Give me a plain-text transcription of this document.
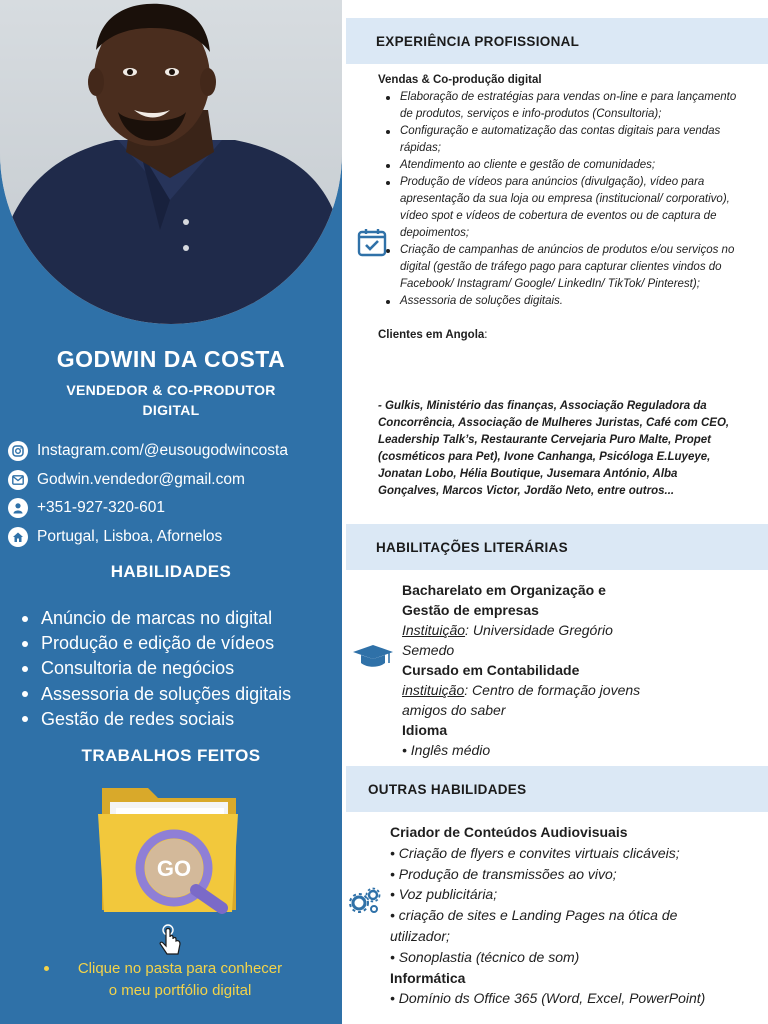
GODWIN DA COSTA
VENDEDOR & CO-PRODUTOR DIGITAL
Instagram.com/@eusougodwincosta
Godwin.vendedor@gmail.com
+351-927-320-601
Portugal, Lisboa, Afornelos
HABILIDADES
Anúncio de marcas no digital
Produção e edição de vídeos
Consultoria de negócios
Assessoria de soluções digitais
Gestão de redes sociais
TRABALHOS FEITOS
GO
Clique no pasta para conhecer
o meu portfólio digital
EXPERIÊNCIA PROFISSIONAL
Vendas & Co-produção digital
Elaboração de estratégias para vendas on-line e para lançamento de produtos, serviços e info-produtos (Consultoria);
Configuração e automatização das contas digitais para vendas rápidas;
Atendimento ao cliente e gestão de comunidades;
Produção de vídeos para anúncios (divulgação), vídeo para apresentação da sua loja ou empresa (institucional/ corporativo), vídeo spot e vídeos de cobertura de eventos ou de captura de depoimentos;
Criação de campanhas de anúncios de produtos e/ou serviços no digital (gestão de tráfego pago para capturar clientes vindos do Facebook/ Instagram/ Google/ LinkedIn/ TikTok/ Pinterest);
Assessoria de soluções digitais.
Clientes em Angola:
- Gulkis, Ministério das finanças, Associação Reguladora da Concorrência, Associação de Mulheres Juristas, Café com CEO, Leadership Talk’s, Restaurante Cervejaria Puro Malte, Propet (cosméticos para Pet), Ivone Canhanga, Psicóloga E.Luyeye, Jonatan Lobo, Hélia Boutique, Jusemara António, Alba Gonçalves, Marcos Victor, Jordão Neto, entre outros...
HABILITAÇÕES LITERÁRIAS
Bacharelato em Organização e
Gestão de empresas
Instituição: Universidade Gregório
Semedo
Cursado em Contabilidade
instituição: Centro de formação jovens
amigos do saber
Idioma
• Inglês médio
OUTRAS HABILIDADES
Criador de Conteúdos Audiovisuais
• Criação de flyers e convites virtuais clicáveis;
• Produção de transmissões ao vivo;
• Voz publicitária;
• criação de sites e Landing Pages na ótica de
utilizador;
• Sonoplastia (técnico de som)
Informática
• Domínio ds Office 365 (Word, Excel, PowerPoint)
